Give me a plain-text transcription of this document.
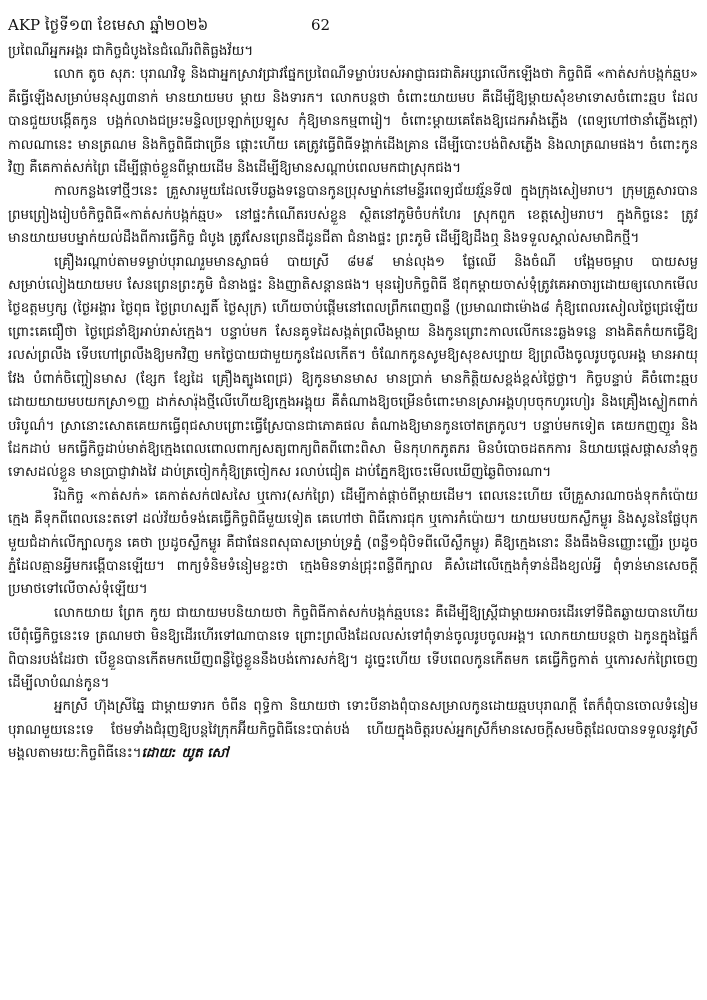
AKP ថ្ងៃទី១៣ ខែមេសា ឆ្នាំ២០២៦	62

ប្រពៃណីអ្នកអង្គរ ជាកិច្ចជំបូងនៃជំណើរពិតិធ្លងវ័យ។

លោក តូច សុភ: បុរាណវិទូ និងជាអ្នកស្រាវជ្រាវផ្នែកប្រពៃណីទម្លាប់របស់អាជ្ញាធរជាតិអប្សរាលើកឡើងថា កិច្ចពិធី «កាត់សក់បង្កក់ឆ្មប» គឺធ្វើឡើងសម្រាប់មនុស្ស៣នាក់ មានយាយមប ម្ដាយ និងទារក។ លោកបន្តថា ចំពោះយាយមប គឺដើម្បីឱ្យម្ដាយសុំខមាទោសចំពោះឆ្មប ដែលបានជួយបង្កើតកូន បង្អក់លាងជម្រះមន្ទិលប្រឡាក់ប្រឡូស កុំឱ្យមានកម្មពារៀ។ ចំពោះម្ដាយគេតែងឱ្យដេកអាំងភ្លើង (ពេទ្យហៅថានាំភ្លើងក្ដៅ) កាលណានេះ មានត្រណម និងកិច្ចពិធីជាច្រើន ផ្ដោះហើយ គេត្រូវធ្វើពិធីទង្គាក់ដើងគ្រាន ដើម្បីបោះបង់ពិសភ្លើង និងលាត្រណមផង។ ចំពោះកូនវិញ គឺគេកាត់សក់ព្រៃ ដើម្បីផ្ដាច់ខ្លួនពីម្ដាយដើម និងដើម្បីឱ្យមានសណ្ដាប់ពេលមកជាស្រុកជង។

កាលកន្លងទៅថ្មីៗនេះ គ្រួសារមួយដែលទើបឆ្លងទន្លេបានកូនប្រុសម្នាក់នៅមន្ទីរពេទ្យជ័យវរ្ម័នទី៧ ក្នុងក្រុងសៀមរាប។ ក្រុមគ្រួសារបានព្រមព្រៀងរៀបចំកិច្ចពិធី«កាត់សក់បង្កក់ឆ្មប» នៅផ្ទះកំណើតរបស់ខ្លួន ស្ថិតនៅភូមិចំបក់ហែរ ស្រុកពួក ខេត្តសៀមរាប។ ក្នុងកិច្ចនេះ ត្រូវមានយាយមបម្នាក់យល់ដឹងពីការធ្វើកិច្ច ជំបូង ត្រូវសែនព្រេនជីដូនជីតា ជំនាងផ្ទះ ព្រះភូមិ ដើម្បីឱ្យដឹងឮ និងទទួលស្គាល់សមាជិកថ្មី។

គ្រឿងរណ្ដាប់តាមទម្លាប់បុរាណរួមមានស្លាធម៌ បាយស្រី ៨ម៩ មាន់លុង១ ផ្លែឈើ និងចំណី បង្អែមចម្អាប បាយសម្លសម្រាប់លៀងយាយមប សែនព្រេនព្រះភូមិ ជំនាងផ្ទះ និងញាតិសន្តានផង។ មុនរៀបកិច្ចពិធី ឪពុកម្ដាយចាស់ទុំត្រូវគេអាចារ្យដោយឲ្យលោកមើលថ្ងៃឧត្តមឫក្ស (ថ្ងៃអង្គារ ថ្ងៃពុធ ថ្ងៃព្រហស្បតិ៍ ថ្ងៃសុក្រ) ហើយចាប់ផ្ដើមនៅពេលព្រឹកពេញពន្លឺ (ប្រមាណជាម៉ោង៨ កុំឱ្យពេលរសៀលថ្ងៃជ្រេឡើយ ព្រោះគេជឿថា ថ្ងៃជ្រេនាំឱ្យអាប់រាស់ក្មេង។ បន្ទាប់មក សែនគូទដៃសង្កត់ព្រលឹងម្ដាយ និងកូនព្រោះកាលលើកនេះឆ្លងទន្លេ នាងគិតកំយកធ្វើឱ្យរលស់ព្រលឹង ទើបហៅព្រលឹងឱ្យមកវិញ មកថ្ងៃបាយជាមួយកូនដែលកើត។ ចំណែកកូនសូមឱ្យសុខសប្បាយ ឱ្យព្រលឹងចូលរូបចូលអង្គ មានអាយុវែង បំពាក់ចិញ្ចៀនមាស (ខ្សែក ខ្សែដៃ គ្រឿងត្បូងពេជ្រ) ឱ្យកូនមានមាស មានប្រាក់ មានកិត្តិយសខ្ពង់ខ្ពស់ថ្លៃថ្លា។ កិច្ចបន្ទាប់ គឺចំពោះឆ្មប ដោយយាយមបយកស្រា១ញ្ញ ដាក់សារ៉ុងថ្មីលើហើយឱ្យក្មេងអង្គុយ គឺតំណាងឱ្យចម្រើនចំពោះមានស្រាអង្គហុបចុកហូរហៀរ និងគ្រឿងស្លៀកពាក់បរិបូណ៌។ ស្រានោះសោតគេយកធ្វើពុជសាបព្រោះធ្វើស្រែបានជាភោគផល តំណាងឱ្យមានកូនចៅតត្រកូល។ បន្ទាប់មកទៀត គេយកញញួរ និងដែកដាប់ មកធ្វើកិច្ចដាប់មាត់ឱ្យក្មេងពេលពោលពាក្យសត្យពាក្យពិតពីពោះពិសា មិនកុហកភូតភរ មិនបំបោចដតកការ និយាយផ្ដេសផ្ដាសនាំទុក្ខទោសដល់ខ្លួន មានប្រាជ្ញាវាងវៃ ដាប់ត្រចៀកកុំឱ្យត្រចៀកស រលាប់ជៀត ដាប់ភ្នែកឱ្យចេះមើលឃើញឆ្ងៃពិចារណា។

រីឯកិច្ច «កាត់សក់» គេកាត់សក់៧សសៃ ឬកោរ(សក់ព្រៃ) ដើម្បីកាត់ផ្ដាច់ពីម្ដាយដើម។ ពេលនេះហើយ បើគ្រួសារណាចង់ទុកកំប៉ោយក្មេង គឺទុកពីពេលនេះតទៅ ដល់វ័យចំទង់គេធ្វើកិច្ចពិធីមួយទៀត គេហៅថា ពិធីកោរជុក ឬកោរកំប៉ោយ។ យាយមបយកស្លឹកម្លូរ និងសូននៃផ្លែបុកមួយជំដាក់លើក្បាលកូន គេថា ប្រដូចស្លឹកម្លូរ គឺជាផែនពសុធាសម្រាប់ទ្រភ្នំ (ពន្លឺ១ជុំបិទពីលើស្លឹកម្លូរ) គឺឱ្យក្មេងនោះ នឹងធឹងមិនញ្ញោះញ្ញើរ ប្រដូចភ្នំដែលគ្មានអ្វីមករង្គើបានឡើយ។ ពាក្យទំនិមទំនៀមខ្លះថា ក្មេងមិនទាន់ជ្រុះពន្លឺពីក្បាល គឺសំដៅលើក្មេងកុំទាន់ដឹងខ្យល់អ្វី ពុំទាន់មានសេចក្ដីប្រមាថទៅលើចាស់ទុំឡើយ។

លោកយាយ ព្រែក កូយ ជាយាយមបនិយាយថា កិច្ចពិធីកាត់សក់បង្កក់ឆ្មបនេះ គឺដើម្បីឱ្យស្ត្រីជាម្ដាយអាចរដើរទៅទីជិតឆ្ងាយបានហើយ បើពុំធ្វើកិច្ចនេះទេ ត្រណមថា មិនឱ្យដើរហើរទៅណាបានទេ ព្រោះព្រលឹងដែលលស់ទៅពុំទាន់ចូលរូបចូលអង្គ។ លោកយាយបន្តថា ឯកូនក្នុងផ្ទៃក៏ពិបានរបង់ដែរថា បើខ្លួនបានកើតមកឃើញពន្លឺថ្ងៃខ្លួននឹងបង់កោរសក់ឱ្យ។ ដូច្នេះហើយ ទើបពេលកូនកើតមក គេធ្វើកិច្ចកាត់ ឬកោរសក់ព្រៃចេញដើម្បីលាបំណន់កូន។

អ្នកស្រី ហ៊ុងស្រីឆ្នៃ ជាម្ដាយទារក ចំពីន ពុទ្ធិកា និយាយថា ទោះបីនាងពុំបានសម្រាលកូនដោយឆ្មបបុរាណក្ដី តែក៏ពុំបានចោលទំនៀមបុរាណមួយនេះទេ ថែមទាំងជំរុញឱ្យបន្តវៃក្រុកអ៊ីយកិច្ចពិធីនេះបាត់បង់ ហើយក្នុងចិត្តរបស់អ្នកស្រីក៏មានសេចក្ដីសមចិត្តដែលបានទទួលនូវស្រីមង្គលតាមរយៈកិច្ចពិធីនេះ។ដោយ: យូត សៅ
